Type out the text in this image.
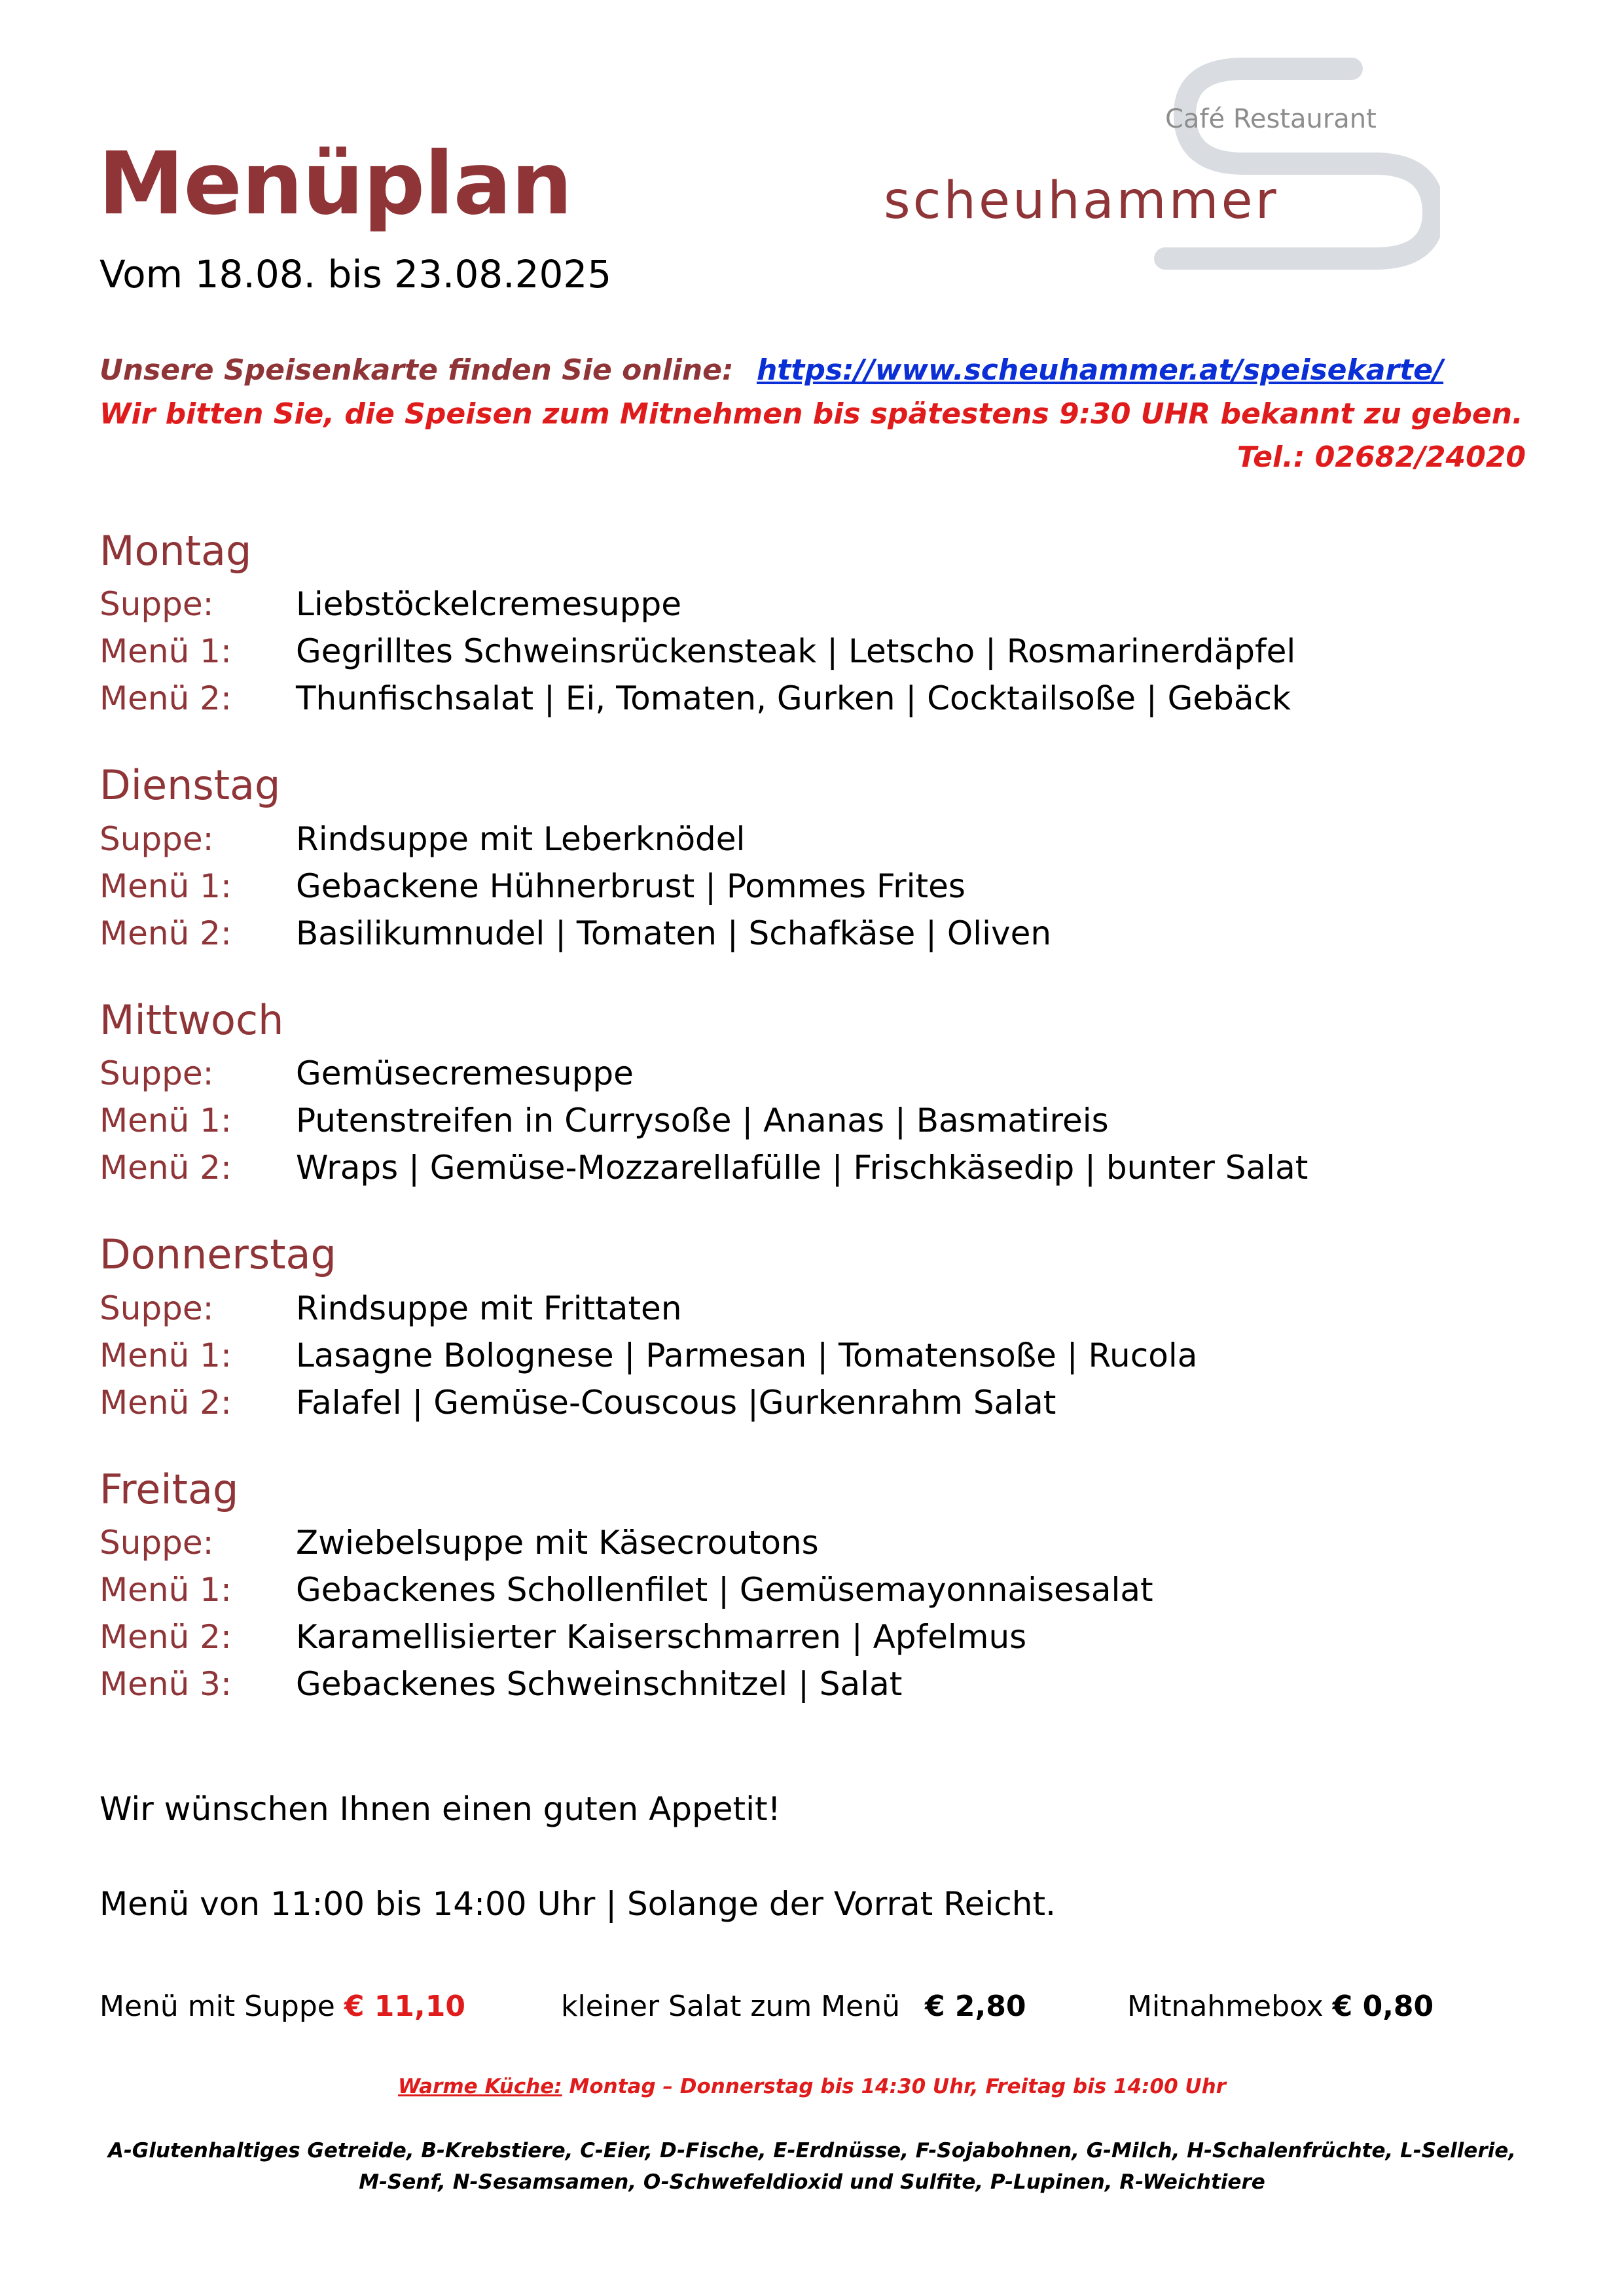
Menüplan
Vom 18.08. bis 23.08.2025
Café Restaurant
scheuhammer
Unsere Speisenkarte finden Sie online: https://www.scheuhammer.at/speisekarte/
Wir bitten Sie, die Speisen zum Mitnehmen bis spätestens 9:30 UHR bekannt zu geben.
Tel.: 02682/24020
Montag
Suppe:	Liebstöckelcremesuppe
Menü 1:	Gegrilltes Schweinsrückensteak | Letscho | Rosmarinerdäpfel
Menü 2:	Thunfischsalat | Ei, Tomaten, Gurken | Cocktailsoße | Gebäck
Dienstag
Suppe:	Rindsuppe mit Leberknödel
Menü 1:	Gebackene Hühnerbrust | Pommes Frites
Menü 2:	Basilikumnudel | Tomaten | Schafkäse | Oliven
Mittwoch
Suppe:	Gemüsecremesuppe
Menü 1:	Putenstreifen in Currysoße | Ananas | Basmatireis
Menü 2:	Wraps | Gemüse-Mozzarellafülle | Frischkäsedip | bunter Salat
Donnerstag
Suppe:	Rindsuppe mit Frittaten
Menü 1:	Lasagne Bolognese | Parmesan | Tomatensoße | Rucola
Menü 2:	Falafel | Gemüse-Couscous |Gurkenrahm Salat
Freitag
Suppe:	Zwiebelsuppe mit Käsecroutons
Menü 1:	Gebackenes Schollenfilet | Gemüsemayonnaisesalat
Menü 2:	Karamellisierter Kaiserschmarren | Apfelmus
Menü 3:	Gebackenes Schweinschnitzel | Salat
Wir wünschen Ihnen einen guten Appetit!
Menü von 11:00 bis 14:00 Uhr | Solange der Vorrat Reicht.
Menü mit Suppe € 11,10	kleiner Salat zum Menü € 2,80	Mitnahmebox € 0,80
Warme Küche: Montag – Donnerstag bis 14:30 Uhr, Freitag bis 14:00 Uhr
A-Glutenhaltiges Getreide, B-Krebstiere, C-Eier, D-Fische, E-Erdnüsse, F-Sojabohnen, G-Milch, H-Schalenfrüchte, L-Sellerie,
M-Senf, N-Sesamsamen, O-Schwefeldioxid und Sulfite, P-Lupinen, R-Weichtiere
